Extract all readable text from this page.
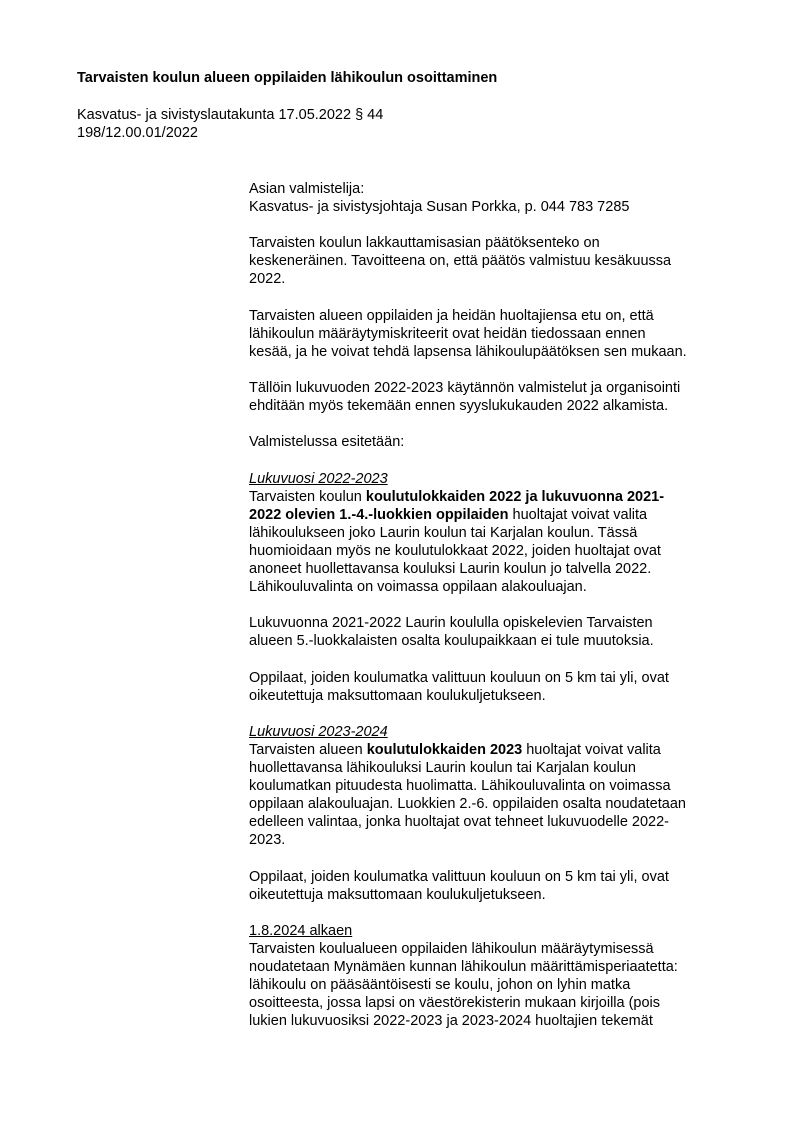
Tarvaisten koulun alueen oppilaiden lähikoulun osoittaminen
Kasvatus- ja sivistyslautakunta 17.05.2022 § 44
198/12.00.01/2022
Asian valmistelija:
Kasvatus- ja sivistysjohtaja Susan Porkka, p. 044 783 7285
Tarvaisten koulun lakkauttamisasian päätöksenteko on
keskeneräinen. Tavoitteena on, että päätös valmistuu kesäkuussa
2022.
Tarvaisten alueen oppilaiden ja heidän huoltajiensa etu on, että
lähikoulun määräytymiskriteerit ovat heidän tiedossaan ennen
kesää, ja he voivat tehdä lapsensa lähikoulupäätöksen sen mukaan.
Tällöin lukuvuoden 2022-2023 käytännön valmistelut ja organisointi
ehditään myös tekemään ennen syyslukukauden 2022 alkamista.
Valmistelussa esitetään:
Lukuvuosi 2022-2023
Tarvaisten koulun koulutulokkaiden 2022 ja lukuvuonna 2021-
2022 olevien 1.-4.-luokkien oppilaiden huoltajat voivat valita
lähikoulukseen joko Laurin koulun tai Karjalan koulun. Tässä
huomioidaan myös ne koulutulokkaat 2022, joiden huoltajat ovat
anoneet huollettavansa kouluksi Laurin koulun jo talvella 2022.
Lähikouluvalinta on voimassa oppilaan alakouluajan.
Lukuvuonna 2021-2022 Laurin koululla opiskelevien Tarvaisten
alueen 5.-luokkalaisten osalta koulupaikkaan ei tule muutoksia.
Oppilaat, joiden koulumatka valittuun kouluun on 5 km tai yli, ovat
oikeutettuja maksuttomaan koulukuljetukseen.
Lukuvuosi 2023-2024
Tarvaisten alueen koulutulokkaiden 2023 huoltajat voivat valita
huollettavansa lähikouluksi Laurin koulun tai Karjalan koulun
koulumatkan pituudesta huolimatta. Lähikouluvalinta on voimassa
oppilaan alakouluajan. Luokkien 2.-6. oppilaiden osalta noudatetaan
edelleen valintaa, jonka huoltajat ovat tehneet lukuvuodelle 2022-
2023.
Oppilaat, joiden koulumatka valittuun kouluun on 5 km tai yli, ovat
oikeutettuja maksuttomaan koulukuljetukseen.
1.8.2024 alkaen
Tarvaisten koulualueen oppilaiden lähikoulun määräytymisessä
noudatetaan Mynämäen kunnan lähikoulun määrittämisperiaatetta:
lähikoulu on pääsääntöisesti se koulu, johon on lyhin matka
osoitteesta, jossa lapsi on väestörekisterin mukaan kirjoilla (pois
lukien lukuvuosiksi 2022-2023 ja 2023-2024 huoltajien tekemät
